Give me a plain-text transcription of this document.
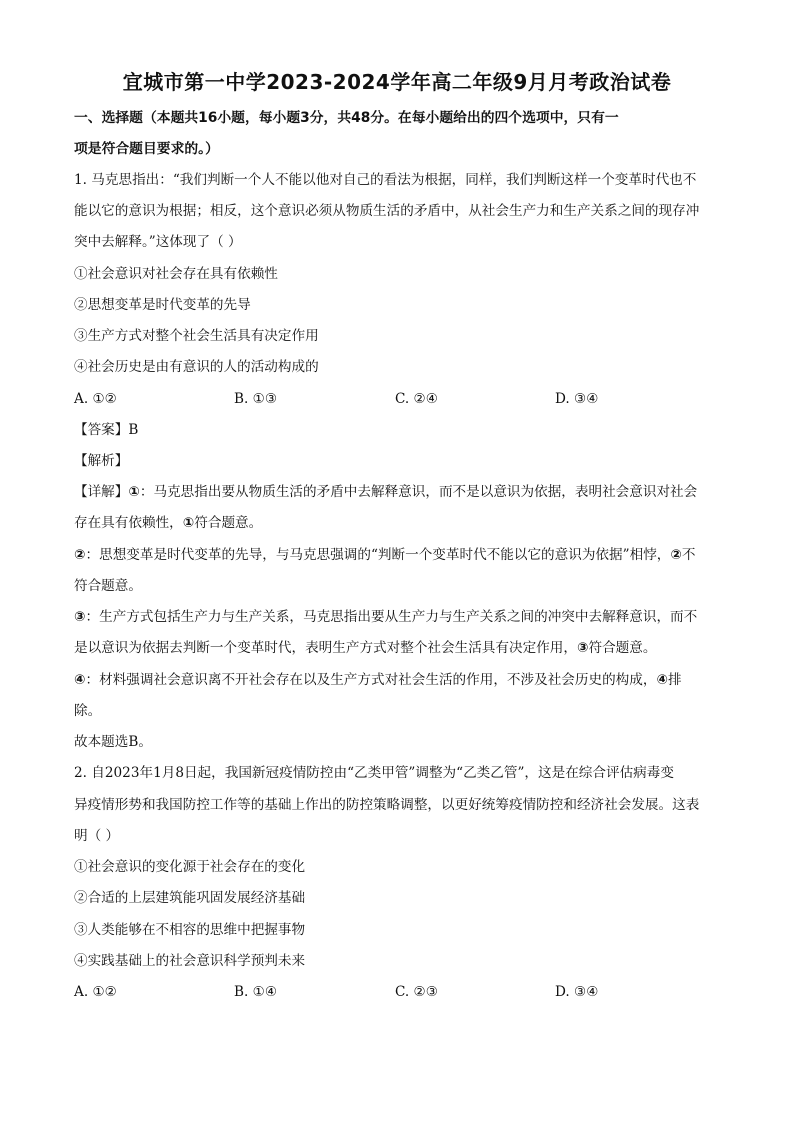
宜城市第一中学2023-2024学年高二年级9月月考政治试卷
一、选择题（本题共16小题，每小题3分，共48分。在每小题给出的四个选项中，只有一
项是符合题目要求的。）
1. 马克思指出：“我们判断一个人不能以他对自己的看法为根据，同样，我们判断这样一个变革时代也不
能以它的意识为根据；相反，这个意识必须从物质生活的矛盾中，从社会生产力和生产关系之间的现存冲
突中去解释。”这体现了（ ）
①社会意识对社会存在具有依赖性
②思想变革是时代变革的先导
③生产方式对整个社会生活具有决定作用
④社会历史是由有意识的人的活动构成的
A. ①②	B. ①③	C. ②④	D. ③④
【答案】B
【解析】
【详解】①：马克思指出要从物质生活的矛盾中去解释意识，而不是以意识为依据，表明社会意识对社会
存在具有依赖性，①符合题意。
②：思想变革是时代变革的先导，与马克思强调的“判断一个变革时代不能以它的意识为依据”相悖，②不
符合题意。
③：生产方式包括生产力与生产关系，马克思指出要从生产力与生产关系之间的冲突中去解释意识，而不
是以意识为依据去判断一个变革时代，表明生产方式对整个社会生活具有决定作用，③符合题意。
④：材料强调社会意识离不开社会存在以及生产方式对社会生活的作用，不涉及社会历史的构成，④排
除。
故本题选B。
2. 自2023年1月8日起，我国新冠疫情防控由“乙类甲管”调整为“乙类乙管”，这是在综合评估病毒变
异疫情形势和我国防控工作等的基础上作出的防控策略调整，以更好统筹疫情防控和经济社会发展。这表
明（ ）
①社会意识的变化源于社会存在的变化
②合适的上层建筑能巩固发展经济基础
③人类能够在不相容的思维中把握事物
④实践基础上的社会意识科学预判未来
A. ①②	B. ①④	C. ②③	D. ③④
